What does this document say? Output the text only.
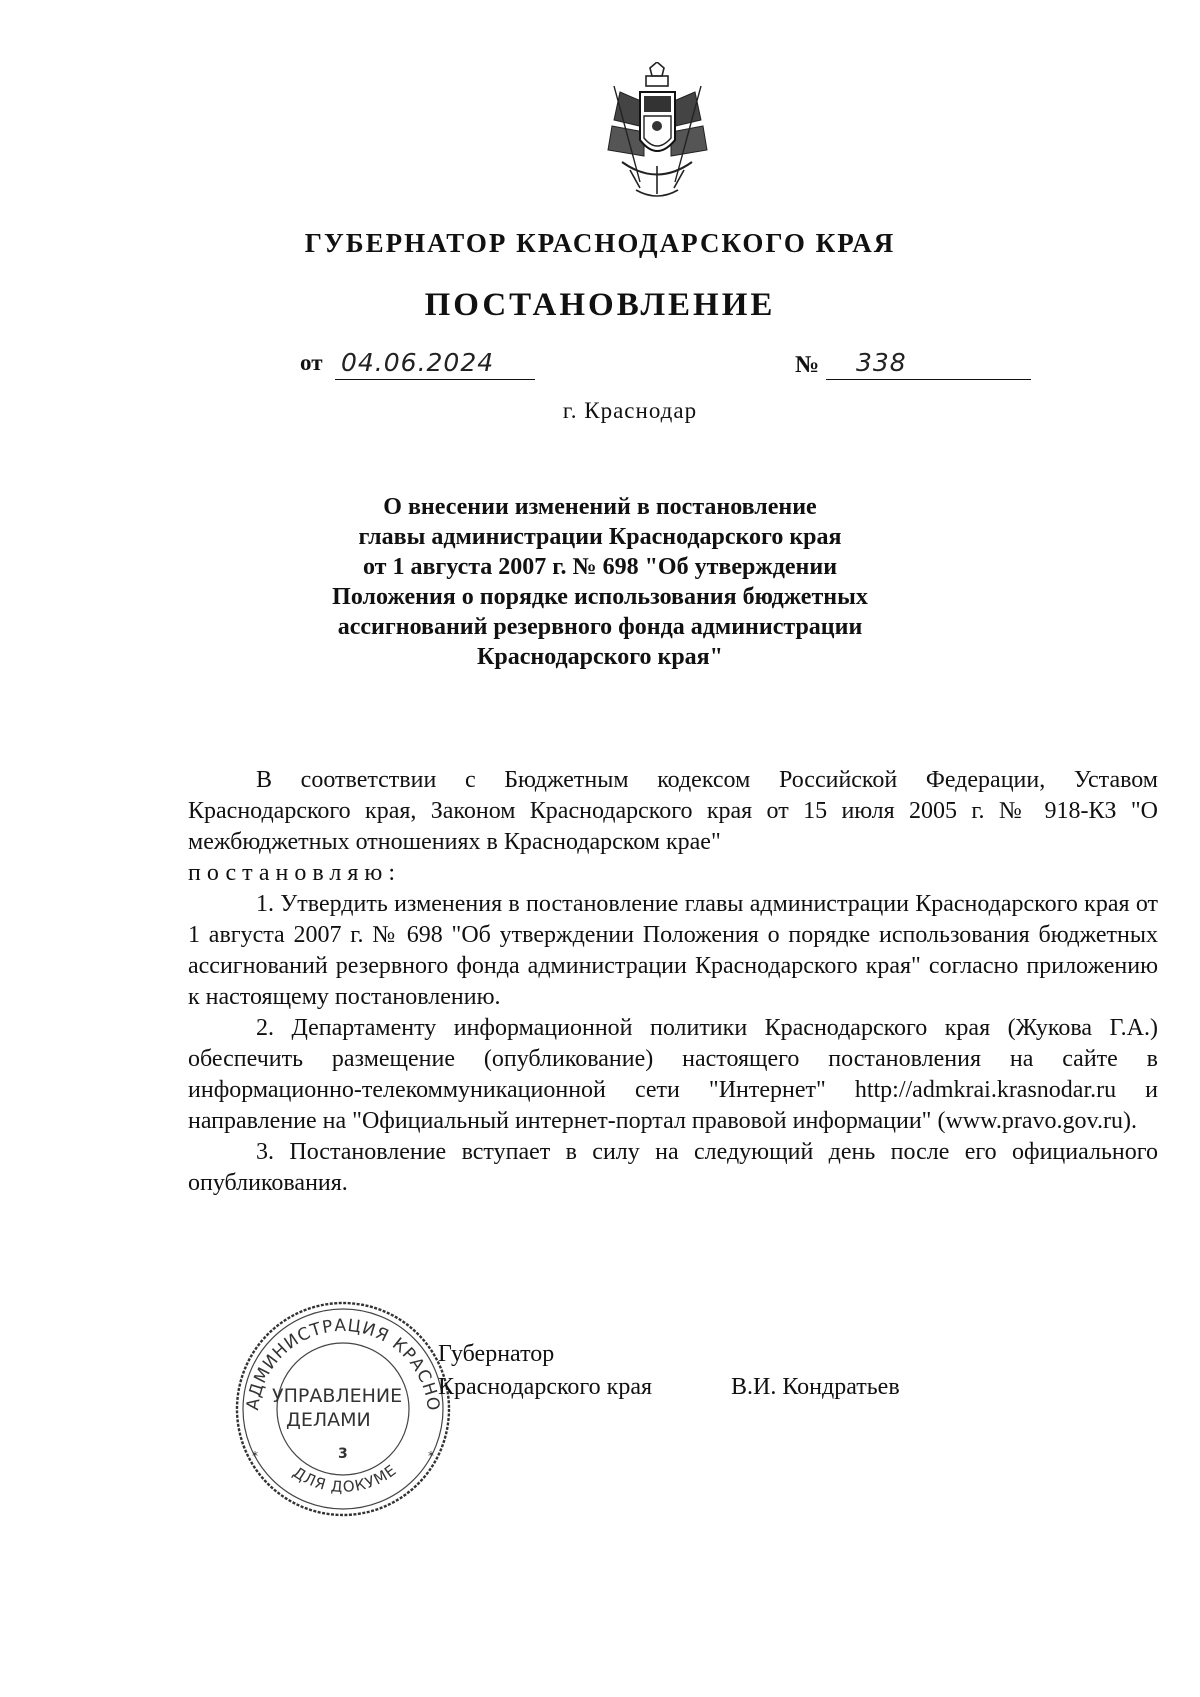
ГУБЕРНАТОР КРАСНОДАРСКОГО КРАЯ
ПОСТАНОВЛЕНИЕ
от 04.06.2024	№	338
г. Краснодар
О внесении изменений в постановление
главы администрации Краснодарского края
от 1 августа 2007 г. № 698 "Об утверждении
Положения о порядке использования бюджетных
ассигнований резервного фонда администрации
Краснодарского края"

В соответствии с Бюджетным кодексом Российской Федерации, Уставом Краснодарского края, Законом Краснодарского края от 15 июля 2005 г. № 918-КЗ "О межбюджетных отношениях в Краснодарском крае"

постановляю:

1. Утвердить изменения в постановление главы администрации Краснодарского края от 1 августа 2007 г. № 698 "Об утверждении Положения о порядке использования бюджетных ассигнований резервного фонда администрации Краснодарского края" согласно приложению к настоящему постановлению.

2. Департаменту информационной политики Краснодарского края (Жукова Г.А.) обеспечить размещение (опубликование) настоящего постановления на сайте в информационно-телекоммуникационной сети "Интернет" http://admkrai.krasnodar.ru и направление на "Официальный интернет-портал правовой информации" (www.pravo.gov.ru).

3. Постановление вступает в силу на следующий день после его официального опубликования.

АДМИНИСТРАЦИЯ КРАСНО
ДЛЯ ДОКУМЕ
УПРАВЛЕНИЕ
ДЕЛАМИ
3
*	*
Губернатор
Краснодарского края	В.И. Кондратьев
